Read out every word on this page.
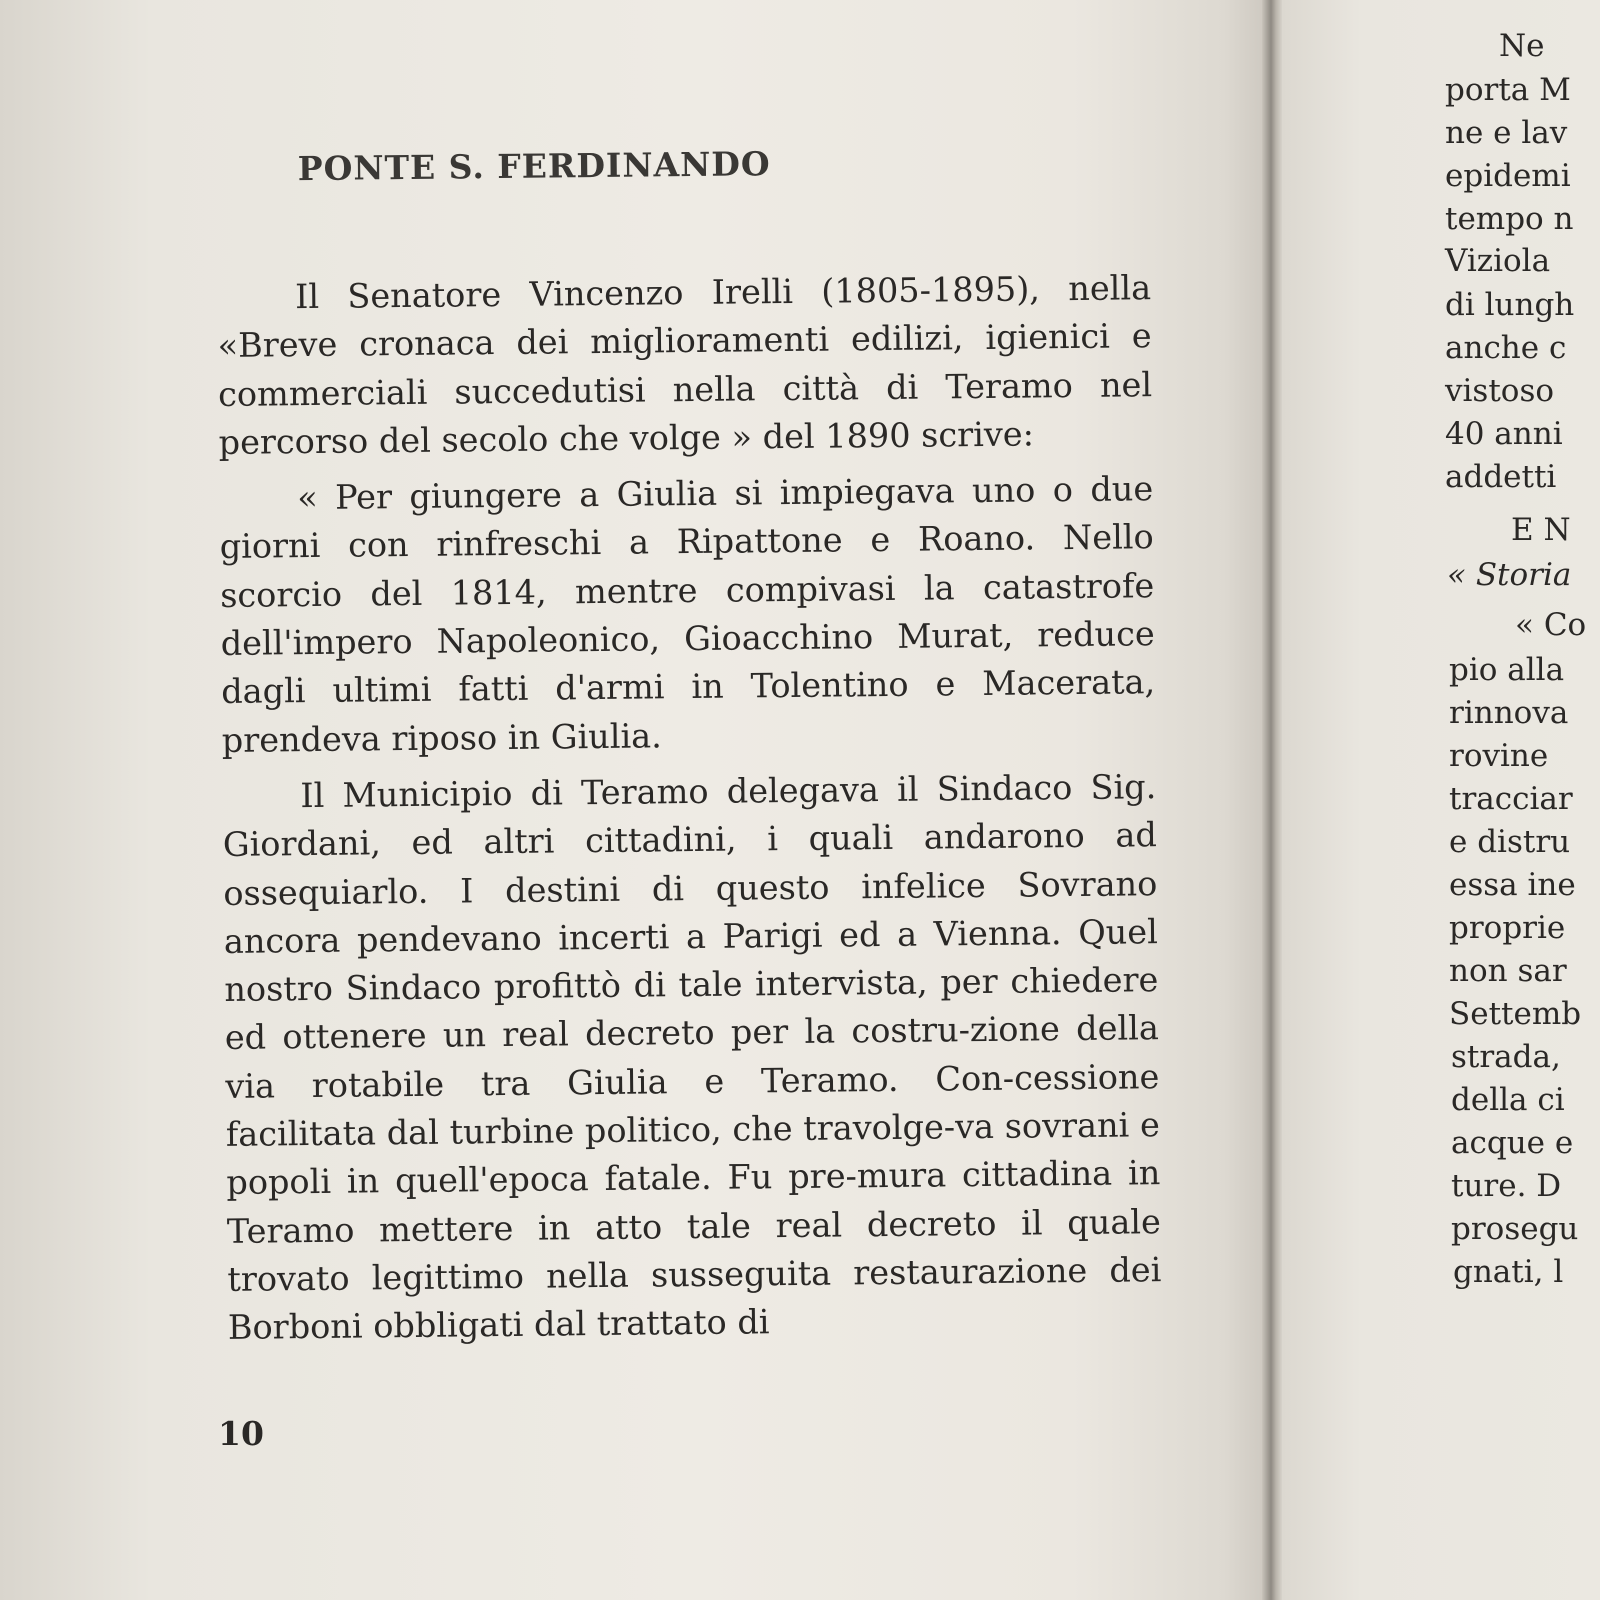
PONTE S. FERDINANDO

Il Senatore Vincenzo Irelli (1805-1895), nella «Breve cronaca dei miglioramenti edilizi, igienici e commerciali succedutisi nella città di Teramo nel percorso del secolo che volge » del 1890 scrive:

« Per giungere a Giulia si impiegava uno o due giorni con rinfreschi a Ripattone e Roano. Nello scorcio del 1814, mentre compivasi la catastrofe dell'impero Napoleonico, Gioacchino Murat, reduce dagli ultimi fatti d'armi in Tolentino e Macerata, prendeva riposo in Giulia.

Il Municipio di Teramo delegava il Sindaco Sig. Giordani, ed altri cittadini, i quali andarono ad ossequiarlo. I destini di questo infelice Sovrano ancora pendevano incerti a Parigi ed a Vienna. Quel nostro Sindaco profittò di tale intervista, per chiedere ed ottenere un real decreto per la costru-zione della via rotabile tra Giulia e Teramo. Con-cessione facilitata dal turbine politico, che travolge-va sovrani e popoli in quell'epoca fatale. Fu pre-mura cittadina in Teramo mettere in atto tale real decreto il quale trovato legittimo nella susseguita restaurazione dei Borboni obbligati dal trattato di

10
Ne
porta M
ne e lav
epidemi
tempo n
Viziola
di lungh
anche c
vistoso
40 anni
addetti
E N
« Storia
« Co
pio alla
rinnova
rovine
tracciar
e distru
essa ine
proprie
non sar
Settemb
strada,
della ci
acque e
ture. D
prosegu
gnati, l
